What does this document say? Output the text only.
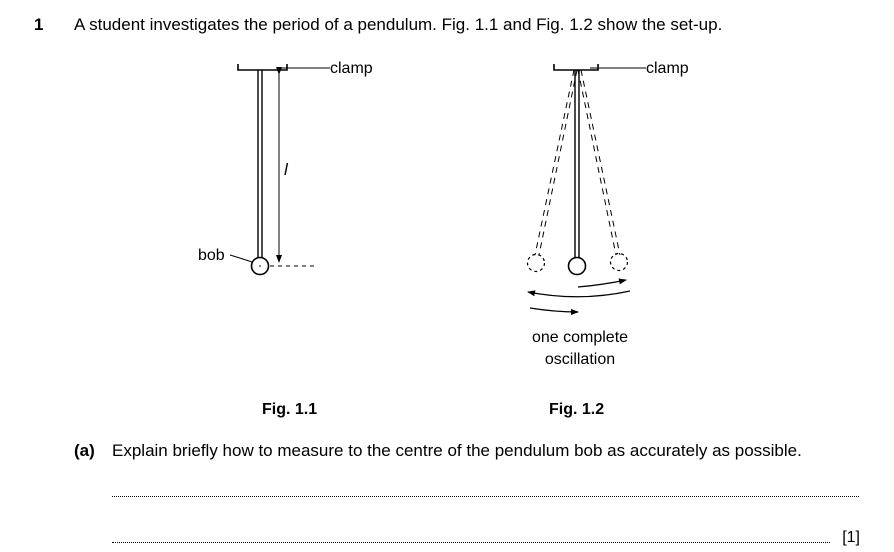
1 A student investigates the period of a pendulum. Fig. 1.1 and Fig. 1.2 show the set-up.
clamp
bob
l
Fig. 1.1
clamp
one complete
oscillation
Fig. 1.2
(a) Explain briefly how to measure to the centre of the pendulum bob as accurately as possible.
[1]
